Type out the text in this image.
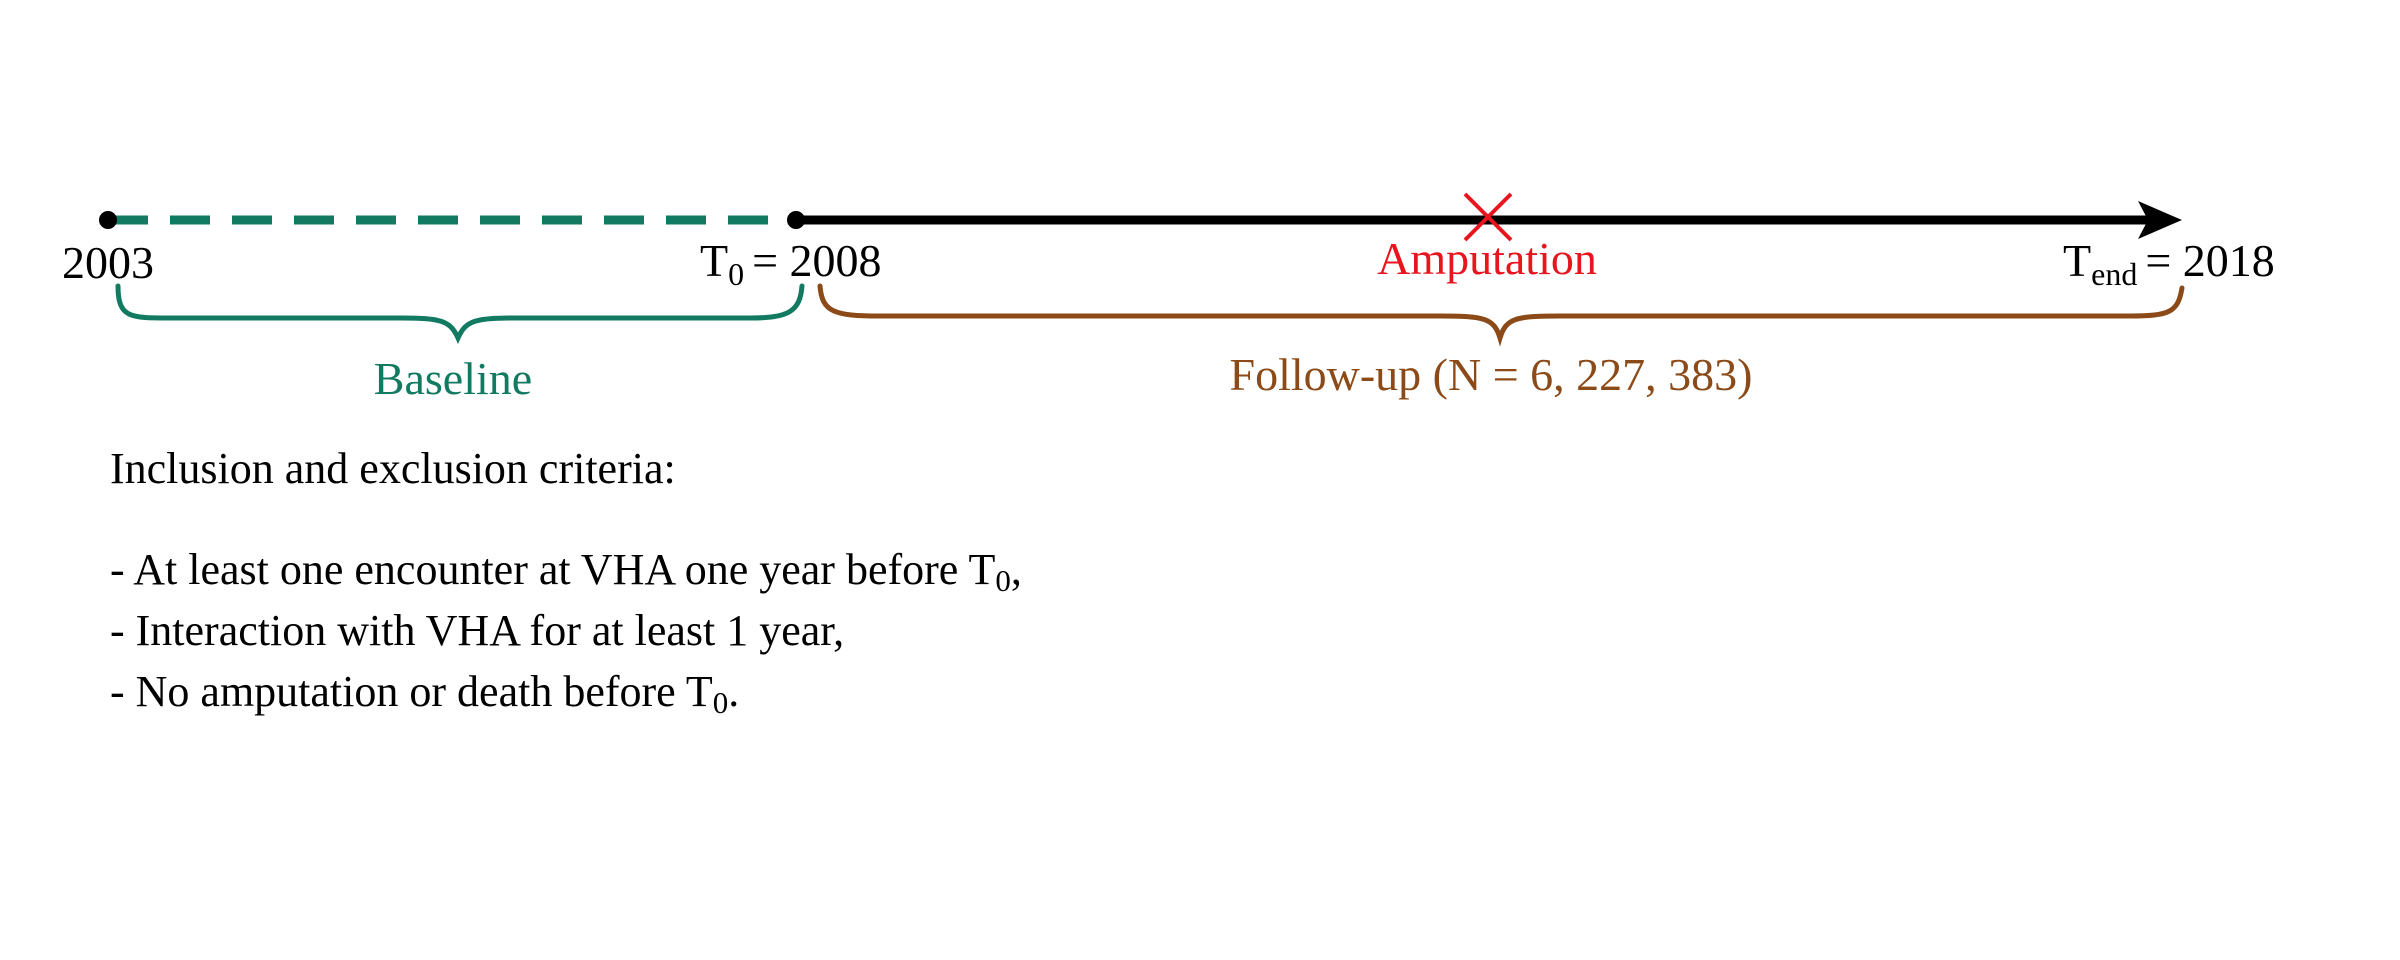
2003	T0 = 2008	Amputation	Tend = 2018
Baseline	Follow-up (N = 6, 227, 383)
Inclusion and exclusion criteria:
- At least one encounter at VHA one year before $T_0$,
- Interaction with VHA for at least 1 year,
- No amputation or death before $T_0$.
